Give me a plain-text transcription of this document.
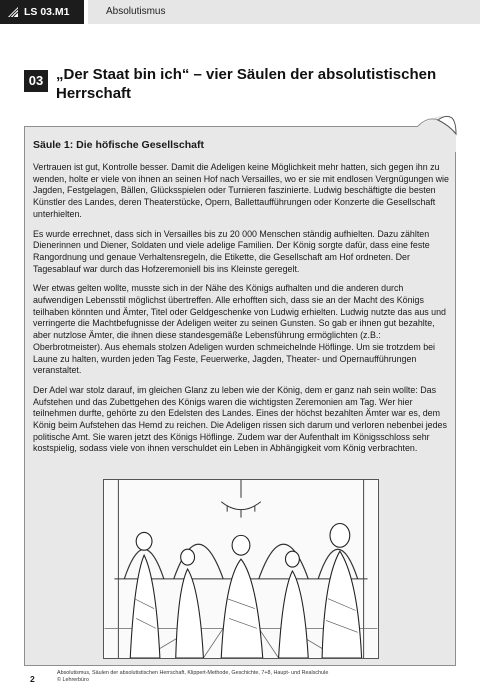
LS 03.M1	Absolutismus
03 „Der Staat bin ich“ – vier Säulen der absolutistischen Herrschaft
Säule 1: Die höfische Gesellschaft

Vertrauen ist gut, Kontrolle besser. Damit die Adeligen keine Möglichkeit mehr hatten, sich gegen ihn zu wenden, holte er viele von ihnen an seinen Hof nach Versailles, wo er sie mit endlosen Vergnügungen wie Jagden, Festgelagen, Bällen, Glücksspielen oder Turnieren faszinierte. Ludwig beschäftigte die besten Künstler des Landes, deren Theaterstücke, Opern, Ballettaufführungen oder Konzerte die Gesellschaft unterhielten.

Es wurde errechnet, dass sich in Versailles bis zu 20 000 Menschen ständig aufhielten. Dazu zählten Dienerinnen und Diener, Soldaten und viele adelige Familien. Der König sorgte dafür, dass eine feste Rangordnung und genaue Verhaltensregeln, die Etikette, die Gesellschaft am Hof ordneten. Der Tagesablauf war durch das Hofzeremoniell bis ins Kleinste geregelt.

Wer etwas gelten wollte, musste sich in der Nähe des Königs aufhalten und die anderen durch aufwendigen Lebensstil möglichst übertreffen. Alle erhofften sich, dass sie an der Macht des Königs teilhaben könnten und Ämter, Titel oder Geldgeschenke von Ludwig erhielten. Ludwig nutzte das aus und verringerte die Machtbefugnisse der Adeligen weiter zu seinen Gunsten. So gab er ihnen gut bezahlte, aber nutzlose Ämter, die ihnen diese standesgemäße Lebensführung ermöglichten (z.B.: Oberbrotmeister). Aus ehemals stolzen Adeligen wurden schmeichelnde Höflinge. Um sie trotzdem bei Laune zu halten, wurden jeden Tag Feste, Feuerwerke, Jagden, Theater- und Opernaufführungen veranstaltet.

Der Adel war stolz darauf, im gleichen Glanz zu leben wie der König, dem er ganz nah sein wollte: Das Aufstehen und das Zubettgehen des Königs waren die wichtigsten Zeremonien am Tag. Wer hier teilnehmen durfte, gehörte zu den Edelsten des Landes. Eines der höchst bezahlten Ämter war es, dem König beim Aufstehen das Hemd zu reichen. Die Adeligen rissen sich darum und verloren nebenbei jedes politische Amt. Sie waren jetzt des Königs Höflinge. Zudem war der Aufenthalt im Königsschloss sehr kostspielig, sodass viele von ihnen verschuldet ein Leben in Abhängigkeit vom König verbrachten.

2
Absolutismus, Säulen der absolutistischen Herrschaft, Klippert-Methode, Geschichte, 7+8, Haupt- und Realschule
© Lehrerbüro
